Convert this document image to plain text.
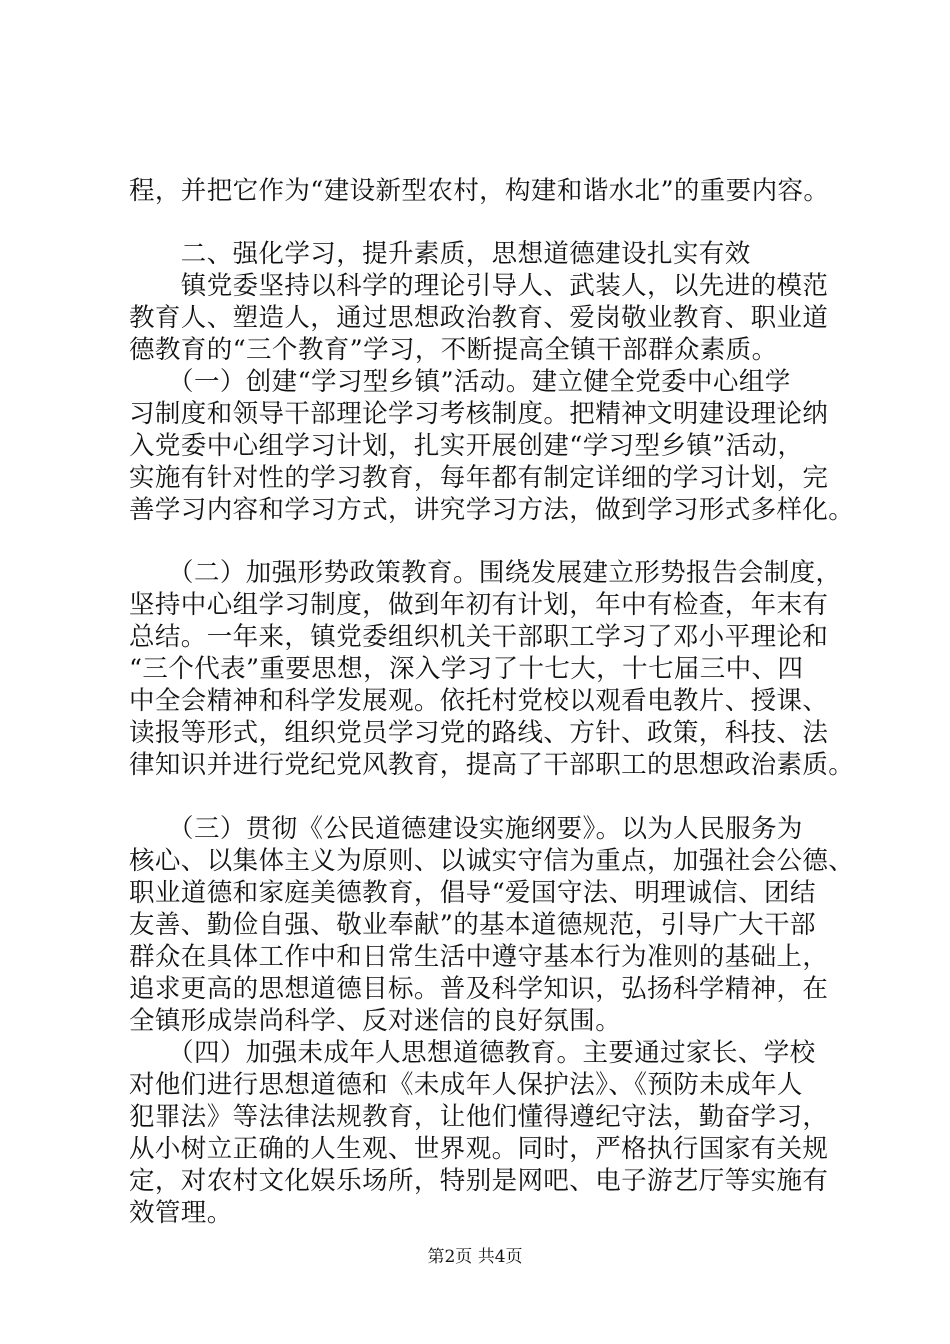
程，并把它作为“建设新型农村，构建和谐水北”的重要内容。
　　二、强化学习，提升素质，思想道德建设扎实有效
　　镇党委坚持以科学的理论引导人、武装人，以先进的模范
教育人、塑造人，通过思想政治教育、爱岗敬业教育、职业道
德教育的“三个教育”学习，不断提高全镇干部群众素质。
　　（一）创建“学习型乡镇”活动。建立健全党委中心组学
习制度和领导干部理论学习考核制度。把精神文明建设理论纳
入党委中心组学习计划，扎实开展创建“学习型乡镇”活动，
实施有针对性的学习教育，每年都有制定详细的学习计划，完
善学习内容和学习方式，讲究学习方法，做到学习形式多样化。
　　（二）加强形势政策教育。围绕发展建立形势报告会制度，
坚持中心组学习制度，做到年初有计划，年中有检查，年末有
总结。一年来，镇党委组织机关干部职工学习了邓小平理论和
“三个代表”重要思想，深入学习了十七大，十七届三中、四
中全会精神和科学发展观。依托村党校以观看电教片、授课、
读报等形式，组织党员学习党的路线、方针、政策，科技、法
律知识并进行党纪党风教育，提高了干部职工的思想政治素质。
　　（三）贯彻《公民道德建设实施纲要》。以为人民服务为
核心、以集体主义为原则、以诚实守信为重点，加强社会公德、
职业道德和家庭美德教育，倡导“爱国守法、明理诚信、团结
友善、勤俭自强、敬业奉献”的基本道德规范，引导广大干部
群众在具体工作中和日常生活中遵守基本行为准则的基础上，
追求更高的思想道德目标。普及科学知识，弘扬科学精神，在
全镇形成崇尚科学、反对迷信的良好氛围。
　　（四）加强未成年人思想道德教育。主要通过家长、学校
对他们进行思想道德和《未成年人保护法》、《预防未成年人
犯罪法》等法律法规教育，让他们懂得遵纪守法，勤奋学习，
从小树立正确的人生观、世界观。同时，严格执行国家有关规
定，对农村文化娱乐场所，特别是网吧、电子游艺厅等实施有
效管理。
第2页 共4页
